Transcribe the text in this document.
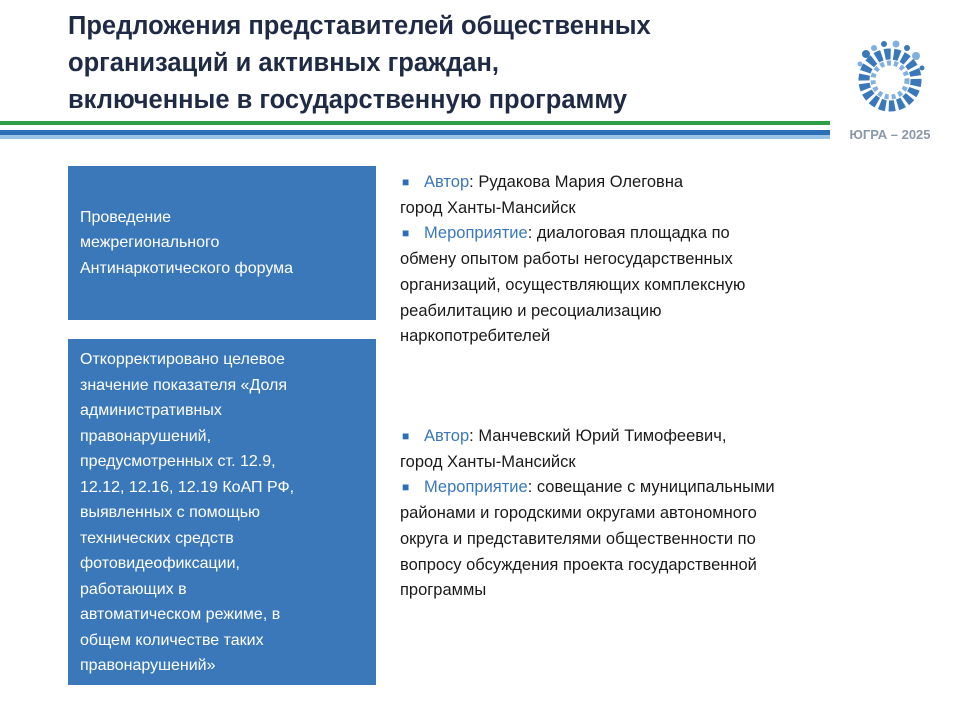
Предложения представителей общественных
организаций и активных граждан,
включенные в государственную программу
ЮГРА – 2025
Проведение
межрегионального
Антинаркотического форума
Откорректировано целевое
значение показателя «Доля
административных
правонарушений,
предусмотренных ст. 12.9,
12.12, 12.16, 12.19 КоАП РФ,
выявленных с помощью
технических средств
фотовидеофиксации,
работающих в
автоматическом режиме, в
общем количестве таких
правонарушений»
■ Автор: Рудакова Мария Олеговна
город Ханты-Мансийск
■ Мероприятие: диалоговая площадка по
обмену опытом работы негосударственных
организаций, осуществляющих комплексную
реабилитацию и ресоциализацию
наркопотребителей
■ Автор: Манчевский Юрий Тимофеевич,
город Ханты-Мансийск
■ Мероприятие: совещание с муниципальными
районами и городскими округами автономного
округа и представителями общественности по
вопросу обсуждения проекта государственной
программы
